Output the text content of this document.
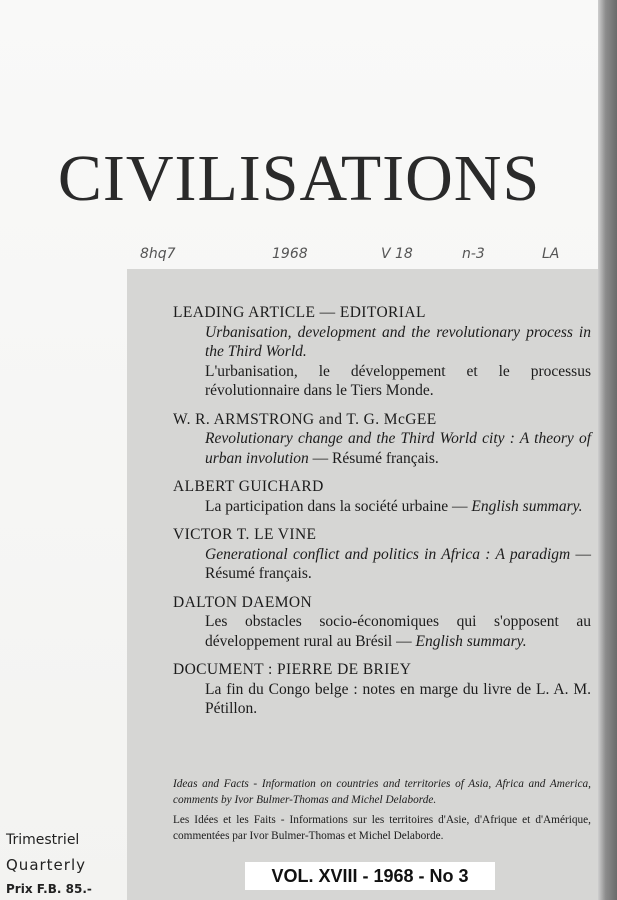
CIVILISATIONS
8hq7	1968	V 18	n-3	LA
LEADING ARTICLE — EDITORIAL
Urbanisation, development and the revolutionary process in the Third World.
L'urbanisation, le développement et le processus révolutionnaire dans le Tiers Monde.
W. R. ARMSTRONG and T. G. McGEE
Revolutionary change and the Third World city : A theory of urban involution — Résumé français.
ALBERT GUICHARD
La participation dans la société urbaine — English summary.
VICTOR T. LE VINE
Generational conflict and politics in Africa : A paradigm — Résumé français.
DALTON DAEMON
Les obstacles socio-économiques qui s'opposent au développement rural au Brésil — English summary.
DOCUMENT : PIERRE DE BRIEY
La fin du Congo belge : notes en marge du livre de L. A. M. Pétillon.
Ideas and Facts - Information on countries and territories of Asia, Africa and America, comments by Ivor Bulmer-Thomas and Michel Delaborde.
Les Idées et les Faits - Informations sur les territoires d'Asie, d'Afrique et d'Amérique, commentées par Ivor Bulmer-Thomas et Michel Delaborde.
Trimestriel
Quarterly
Prix F.B. 85.-
VOL. XVIII - 1968 - No 3
